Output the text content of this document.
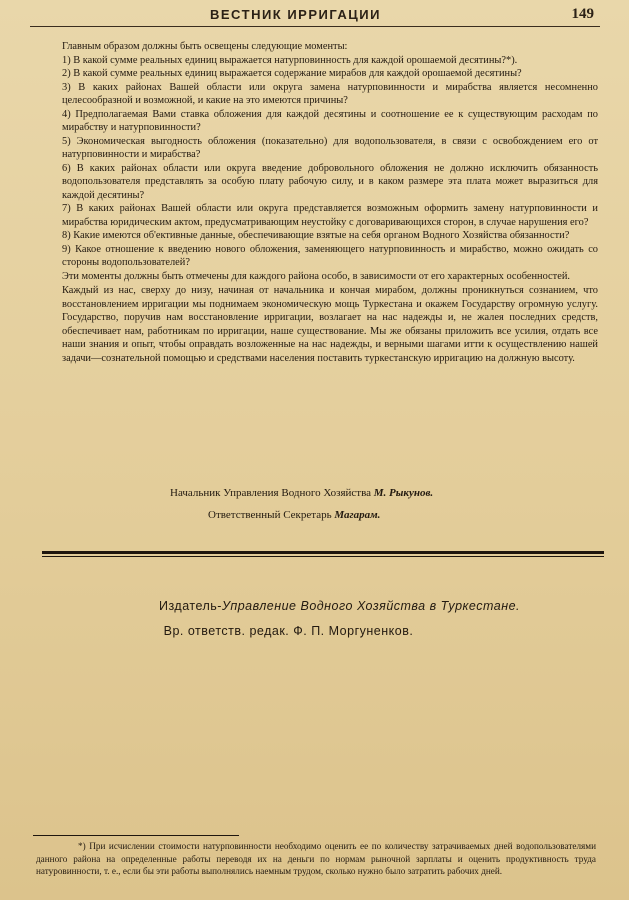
ВЕСТНИК ИРРИГАЦИИ	149

Главным образом должны быть освещены следующие моменты:

1) В какой сумме реальных единиц выражается натурповинность для каждой орошаемой десятины?*).

2) В какой сумме реальных единиц выражается содержание мирабов для каждой орошаемой десятины?

3) В каких районах Вашей области или округа замена натурповинности и мирабства является несомненно целесообразной и возможной, и какие на это имеются причины?

4) Предполагаемая Вами ставка обложения для каждой десятины и соотношение ее к существующим расходам по мирабству и натурповинности?

5) Экономическая выгодность обложения (показательно) для водопользователя, в связи с освобождением его от натурповинности и мирабства?

6) В каких районах области или округа введение добровольного обложения не должно исключить обязанность водопользователя представлять за особую плату рабочую силу, и в каком размере эта плата может выразиться для каждой десятины?

7) В каких районах Вашей области или округа представляется возможным оформить замену натурповинности и мирабства юридическим актом, предусматривающим неустойку с договаривающихся сторон, в случае нарушения его?

8) Какие имеются об'ективные данные, обеспечивающие взятые на себя органом Водного Хозяйства обязанности?

9) Какое отношение к введению нового обложения, заменяющего натурповинность и мирабство, можно ожидать со стороны водопользователей?

Эти моменты должны быть отмечены для каждого района особо, в зависимости от его характерных особенностей.

Каждый из нас, сверху до низу, начиная от начальника и кончая мирабом, должны проникнуться сознанием, что восстановлением ирригации мы поднимаем экономическую мощь Туркестана и окажем Государству огромную услугу. Государство, поручив нам восстановление ирригации, возлагает на нас надежды и, не жалея последних средств, обеспечивает нам, работникам по ирригации, наше существование. Мы же обязаны приложить все усилия, отдать все наши знания и опыт, чтобы оправдать возложенные на нас надежды, и верными шагами итти к осуществлению нашей задачи—сознательной помощью и средствами населения поставить туркестанскую ирригацию на должную высоту.

Начальник Управления Водного Хозяйства М. Рыкунов.
Ответственный Секретарь Магарам.
Издатель-Управление Водного Хозяйства в Туркестане.
Вр. ответств. редак. Ф. П. Моргуненков.

*) При исчислении стоимости натурповинности необходимо оценить ее по количеству затрачиваемых дней водопользователями данного района на определенные работы переводя их на деньги по нормам рыночной зарплаты и оценить продуктивность труда натуровинности, т. е., если бы эти работы выполнялись наемным трудом, сколько нужно было затратить рабочих дней.
